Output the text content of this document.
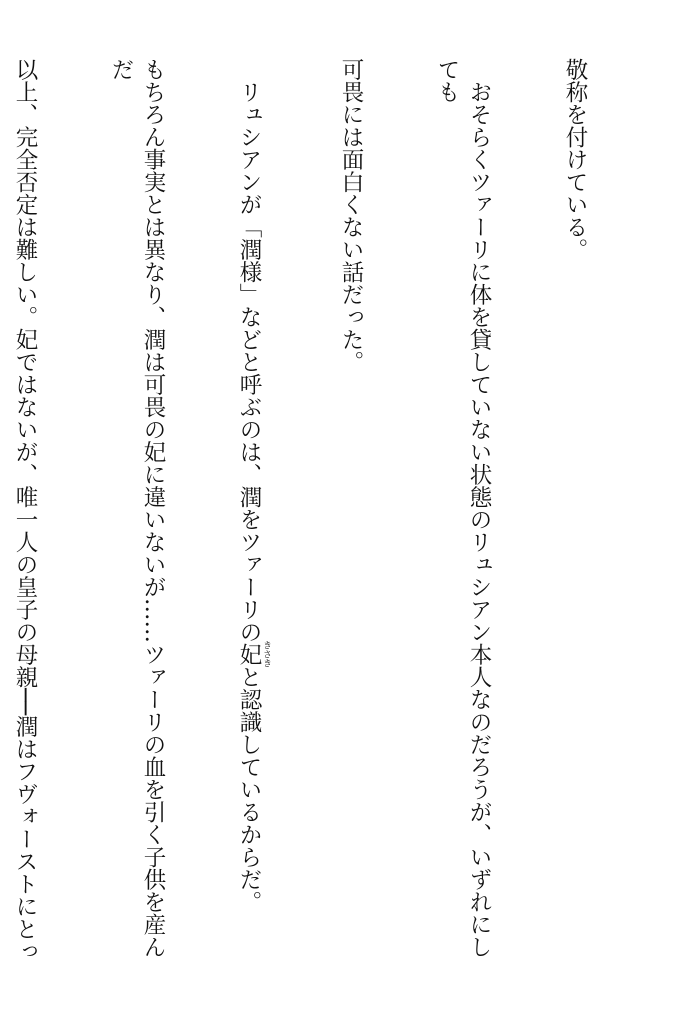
敬称を付けている。

　おそらくツァーリに体を貸していない状態のリュシアン本人なのだろうが、いずれにしても

可畏には面白くない話だった。

　リュシアンが「潤様」などと呼ぶのは、潤をツァーリの妃 きさきと認識しているからだ。

もちろん事実とは異なり、潤は可畏の妃に違いないが……ツァーリの血を引く子供を産んだ

以上、完全否定は難しい。妃ではないが、唯一人の皇子の母親──潤はフヴォーストにとっ
